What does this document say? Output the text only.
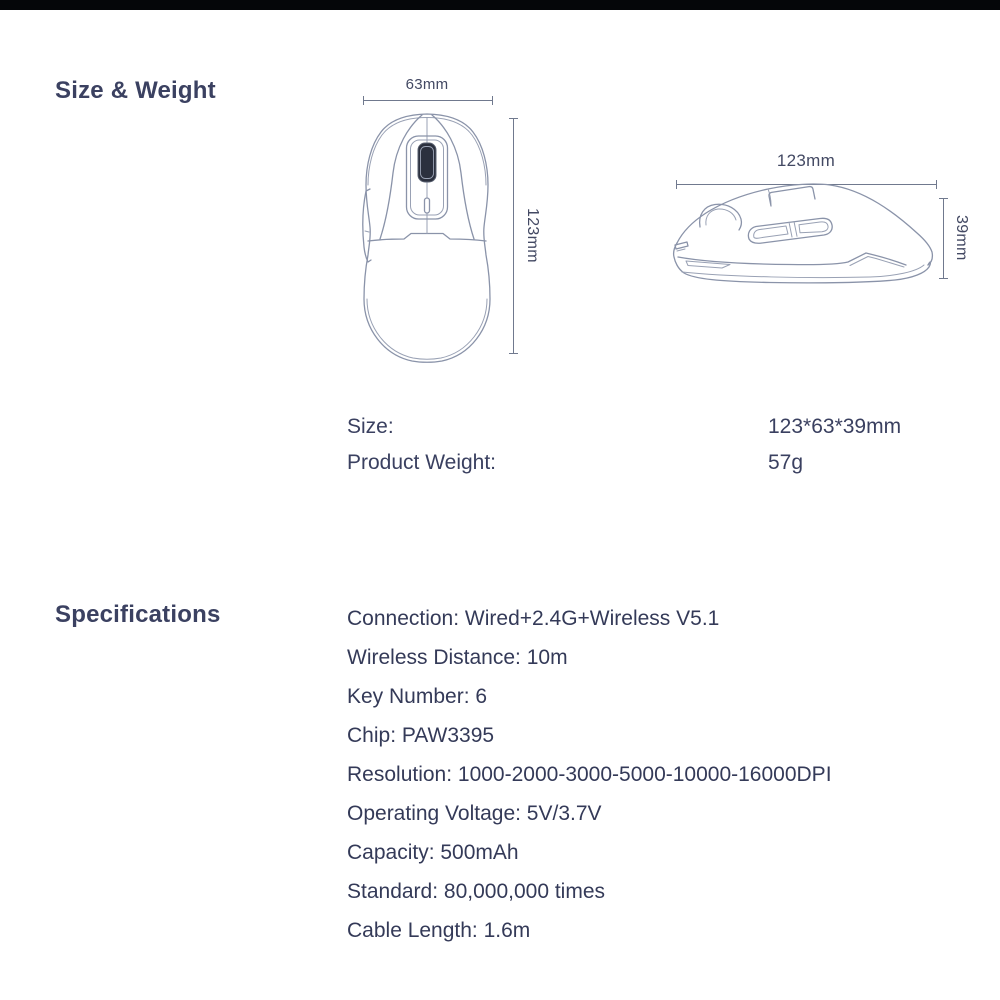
Size & Weight	63mm
123mm
123mm
39mm
Size:	123*63*39mm
Product Weight:	57g
Specifications	Connection: Wired+2.4G+Wireless V5.1
Wireless Distance: 10m
Key Number: 6
Chip: PAW3395
Resolution: 1000-2000-3000-5000-10000-16000DPI
Operating Voltage: 5V/3.7V
Capacity: 500mAh
Standard: 80,000,000 times
Cable Length: 1.6m
